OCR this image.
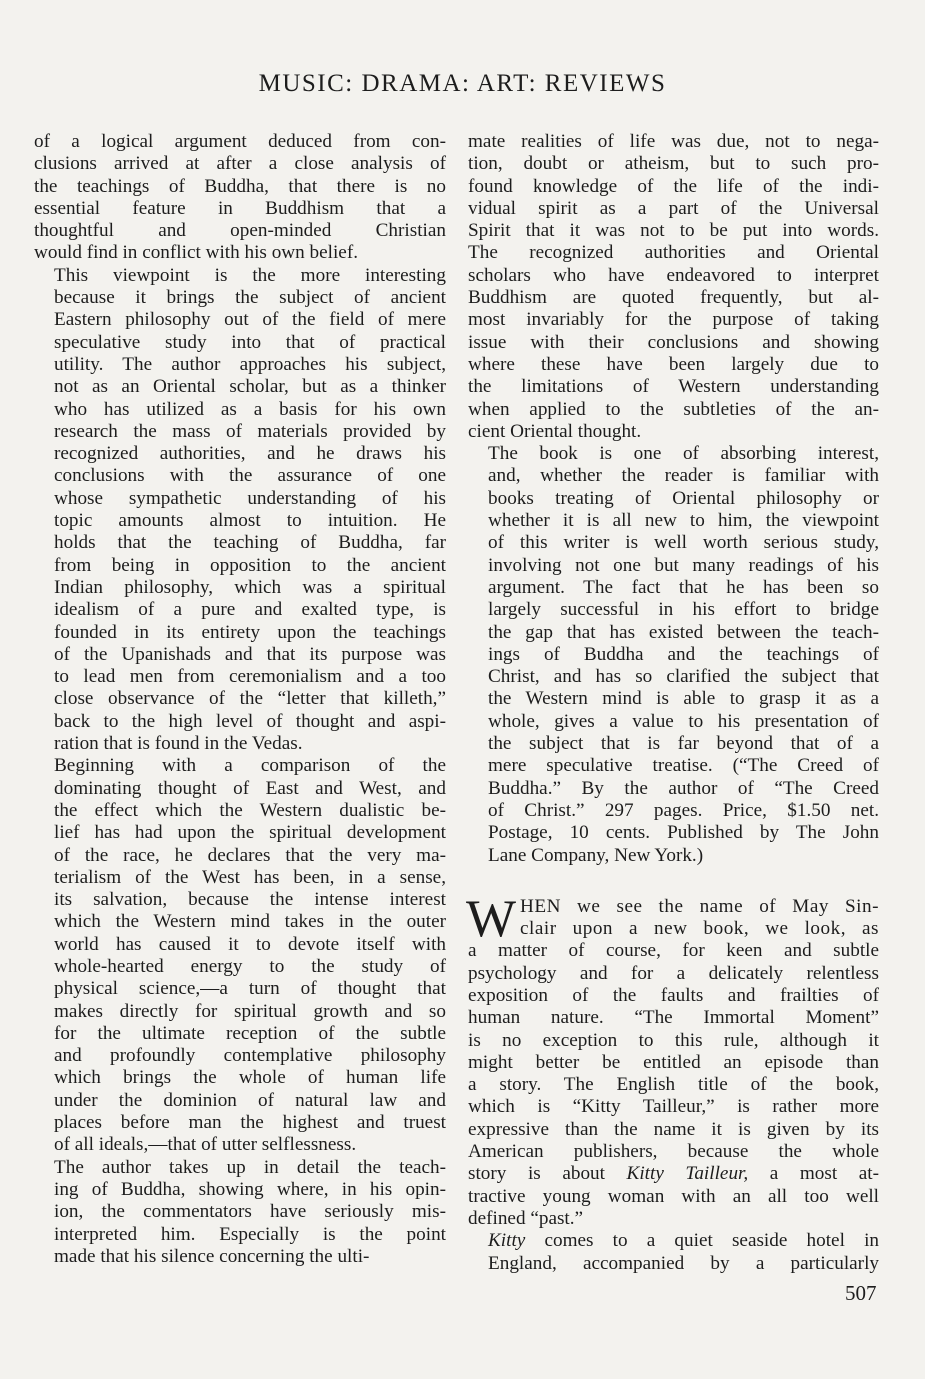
MUSIC: DRAMA: ART: REVIEWS

of a logical argument deduced from con-
clusions arrived at after a close analysis of
the teachings of Buddha, that there is no
essential feature in Buddhism that a
thoughtful and open-minded Christian
would find in conflict with his own belief.

This viewpoint is the more interesting
because it brings the subject of ancient
Eastern philosophy out of the field of mere
speculative study into that of practical
utility. The author approaches his subject,
not as an Oriental scholar, but as a thinker
who has utilized as a basis for his own
research the mass of materials provided by
recognized authorities, and he draws his
conclusions with the assurance of one
whose sympathetic understanding of his
topic amounts almost to intuition. He
holds that the teaching of Buddha, far
from being in opposition to the ancient
Indian philosophy, which was a spiritual
idealism of a pure and exalted type, is
founded in its entirety upon the teachings
of the Upanishads and that its purpose was
to lead men from ceremonialism and a too
close observance of the “letter that killeth,”
back to the high level of thought and aspi-
ration that is found in the Vedas.

Beginning with a comparison of the
dominating thought of East and West, and
the effect which the Western dualistic be-
lief has had upon the spiritual development
of the race, he declares that the very ma-
terialism of the West has been, in a sense,
its salvation, because the intense interest
which the Western mind takes in the outer
world has caused it to devote itself with
whole-hearted energy to the study of
physical science,—a turn of thought that
makes directly for spiritual growth and so
for the ultimate reception of the subtle
and profoundly contemplative philosophy
which brings the whole of human life
under the dominion of natural law and
places before man the highest and truest
of all ideals,—that of utter selflessness.

The author takes up in detail the teach-
ing of Buddha, showing where, in his opin-
ion, the commentators have seriously mis-
interpreted him. Especially is the point
made that his silence concerning the ulti-

mate realities of life was due, not to nega-
tion, doubt or atheism, but to such pro-
found knowledge of the life of the indi-
vidual spirit as a part of the Universal
Spirit that it was not to be put into words.
The recognized authorities and Oriental
scholars who have endeavored to interpret
Buddhism are quoted frequently, but al-
most invariably for the purpose of taking
issue with their conclusions and showing
where these have been largely due to
the limitations of Western understanding
when applied to the subtleties of the an-
cient Oriental thought.

The book is one of absorbing interest,
and, whether the reader is familiar with
books treating of Oriental philosophy or
whether it is all new to him, the viewpoint
of this writer is well worth serious study,
involving not one but many readings of his
argument. The fact that he has been so
largely successful in his effort to bridge
the gap that has existed between the teach-
ings of Buddha and the teachings of
Christ, and has so clarified the subject that
the Western mind is able to grasp it as a
whole, gives a value to his presentation of
the subject that is far beyond that of a
mere speculative treatise. (“The Creed of
Buddha.” By the author of “The Creed
of Christ.” 297 pages. Price, $1.50 net.
Postage, 10 cents. Published by The John
Lane Company, New York.)

W HEN we see the name of May Sin-
clair upon a new book, we look, as
a matter of course, for keen and subtle
psychology and for a delicately relentless
exposition of the faults and frailties of
human nature. “The Immortal Moment”
is no exception to this rule, although it
might better be entitled an episode than
a story. The English title of the book,
which is “Kitty Tailleur,” is rather more
expressive than the name it is given by its
American publishers, because the whole
story is about Kitty Tailleur, a most at-
tractive young woman with an all too well
defined “past.”

Kitty comes to a quiet seaside hotel in
England, accompanied by a particularly

507
